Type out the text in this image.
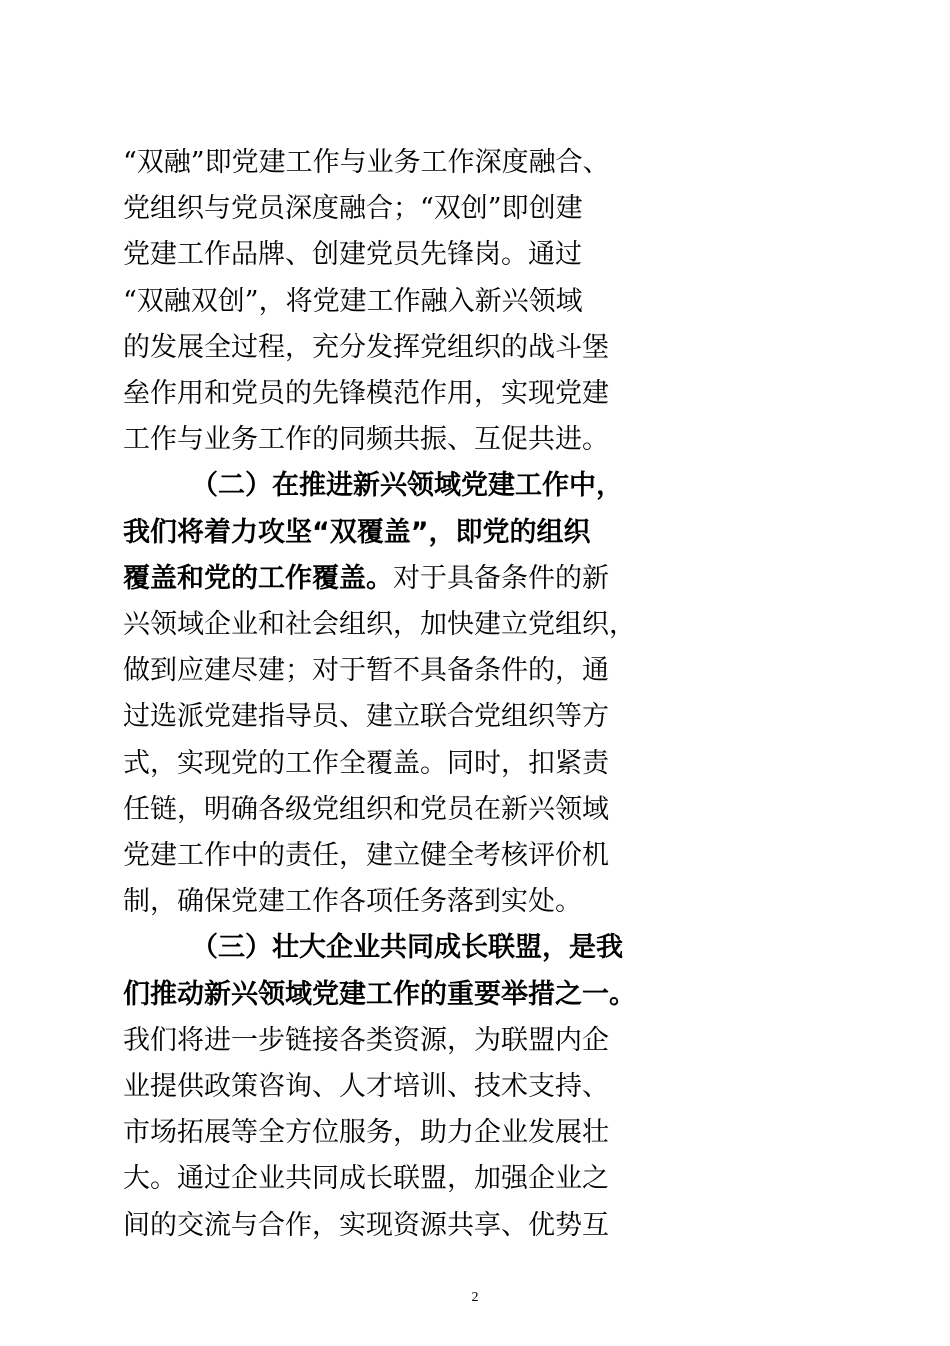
“双融”即党建工作与业务工作深度融合、
党组织与党员深度融合；“双创”即创建
党建工作品牌、创建党员先锋岗。通过
“双融双创”，将党建工作融入新兴领域
的发展全过程，充分发挥党组织的战斗堡
垒作用和党员的先锋模范作用，实现党建
工作与业务工作的同频共振、互促共进。
（二）在推进新兴领域党建工作中，
我们将着力攻坚“双覆盖”，即党的组织
覆盖和党的工作覆盖。对于具备条件的新
兴领域企业和社会组织，加快建立党组织，
做到应建尽建；对于暂不具备条件的，通
过选派党建指导员、建立联合党组织等方
式，实现党的工作全覆盖。同时，扣紧责
任链，明确各级党组织和党员在新兴领域
党建工作中的责任，建立健全考核评价机
制，确保党建工作各项任务落到实处。
（三）壮大企业共同成长联盟，是我
们推动新兴领域党建工作的重要举措之一。
我们将进一步链接各类资源，为联盟内企
业提供政策咨询、人才培训、技术支持、
市场拓展等全方位服务，助力企业发展壮
大。通过企业共同成长联盟，加强企业之
间的交流与合作，实现资源共享、优势互
2
